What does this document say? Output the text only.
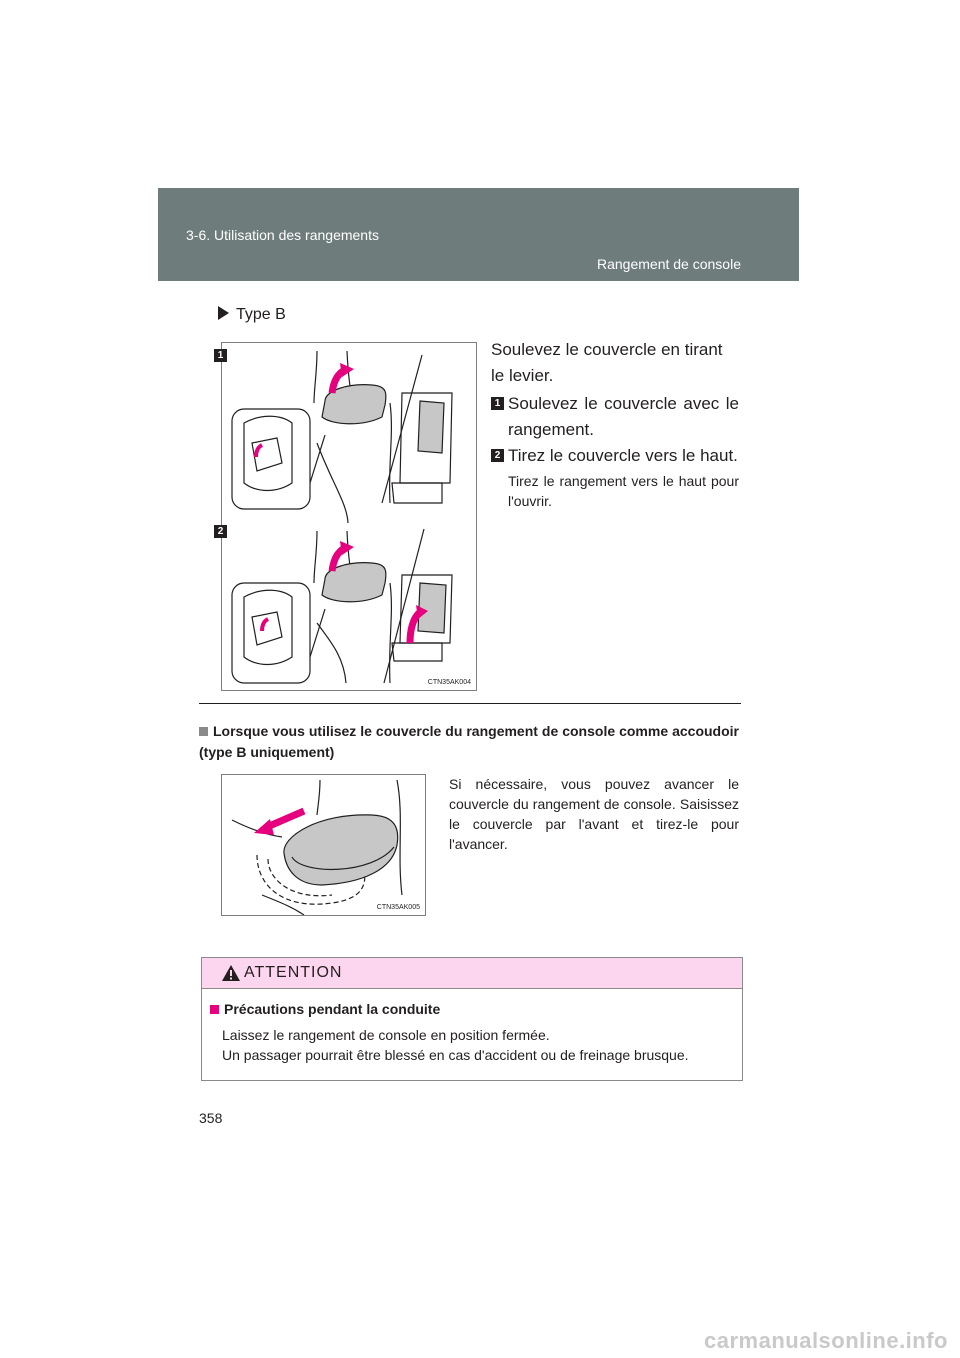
3-6. Utilisation des rangements
Rangement de console
Type B
1
2
CTN35AK004
Soulevez le couvercle en tirant le levier.
1 Soulevez le couvercle avec le rangement.
2 Tirez le couvercle vers le haut.
Tirez le rangement vers le haut pour l'ouvrir.
Lorsque vous utilisez le couvercle du rangement de console comme accoudoir (type B uniquement)
CTN35AK005
Si nécessaire, vous pouvez avancer le couvercle du rangement de console. Saisissez le couvercle par l'avant et tirez-le pour l'avancer.
ATTENTION
Précautions pendant la conduite
Laissez le rangement de console en position fermée.
Un passager pourrait être blessé en cas d'accident ou de freinage brusque.
358
carmanualsonline.info
